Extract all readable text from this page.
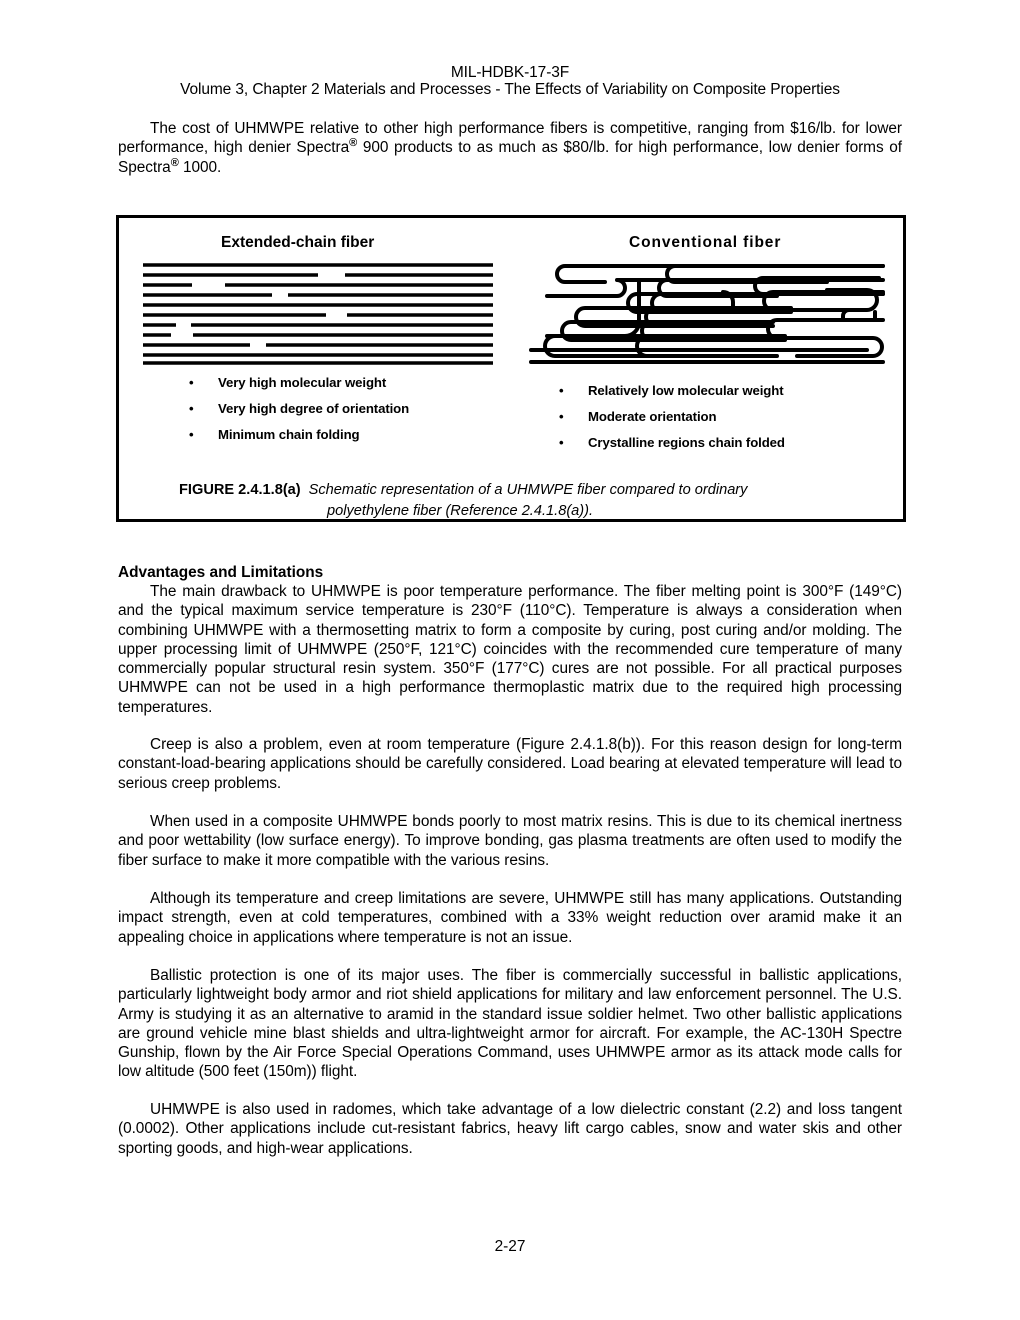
MIL-HDBK-17-3F
Volume 3, Chapter 2 Materials and Processes - The Effects of Variability on Composite Properties
The cost of UHMWPE relative to other high performance fibers is competitive, ranging from $16/lb. for lower performance, high denier Spectra® 900 products to as much as $80/lb. for high performance, low denier forms of Spectra® 1000.
Extended-chain fiber	Conventional fiber
• Very high molecular weight
• Very high degree of orientation
• Minimum chain folding
• Relatively low molecular weight
• Moderate orientation
• Crystalline regions chain folded
FIGURE 2.4.1.8(a) Schematic representation of a UHMWPE fiber compared to ordinary
polyethylene fiber (Reference 2.4.1.8(a)).
Advantages and Limitations
The main drawback to UHMWPE is poor temperature performance. The fiber melting point is 300°F (149°C) and the typical maximum service temperature is 230°F (110°C). Temperature is always a consideration when combining UHMWPE with a thermosetting matrix to form a composite by curing, post curing and/or molding. The upper processing limit of UHMWPE (250°F, 121°C) coincides with the recommended cure temperature of many commercially popular structural resin system. 350°F (177°C) cures are not possible. For all practical purposes UHMWPE can not be used in a high performance thermoplastic matrix due to the required high processing temperatures.
Creep is also a problem, even at room temperature (Figure 2.4.1.8(b)). For this reason design for long-term constant-load-bearing applications should be carefully considered. Load bearing at elevated temperature will lead to serious creep problems.
When used in a composite UHMWPE bonds poorly to most matrix resins. This is due to its chemical inertness and poor wettability (low surface energy). To improve bonding, gas plasma treatments are often used to modify the fiber surface to make it more compatible with the various resins.
Although its temperature and creep limitations are severe, UHMWPE still has many applications. Outstanding impact strength, even at cold temperatures, combined with a 33% weight reduction over aramid make it an appealing choice in applications where temperature is not an issue.
Ballistic protection is one of its major uses. The fiber is commercially successful in ballistic applications, particularly lightweight body armor and riot shield applications for military and law enforcement personnel. The U.S. Army is studying it as an alternative to aramid in the standard issue soldier helmet. Two other ballistic applications are ground vehicle mine blast shields and ultra-lightweight armor for aircraft. For example, the AC-130H Spectre Gunship, flown by the Air Force Special Operations Command, uses UHMWPE armor as its attack mode calls for low altitude (500 feet (150m)) flight.
UHMWPE is also used in radomes, which take advantage of a low dielectric constant (2.2) and loss tangent (0.0002). Other applications include cut-resistant fabrics, heavy lift cargo cables, snow and water skis and other sporting goods, and high-wear applications.
2-27
